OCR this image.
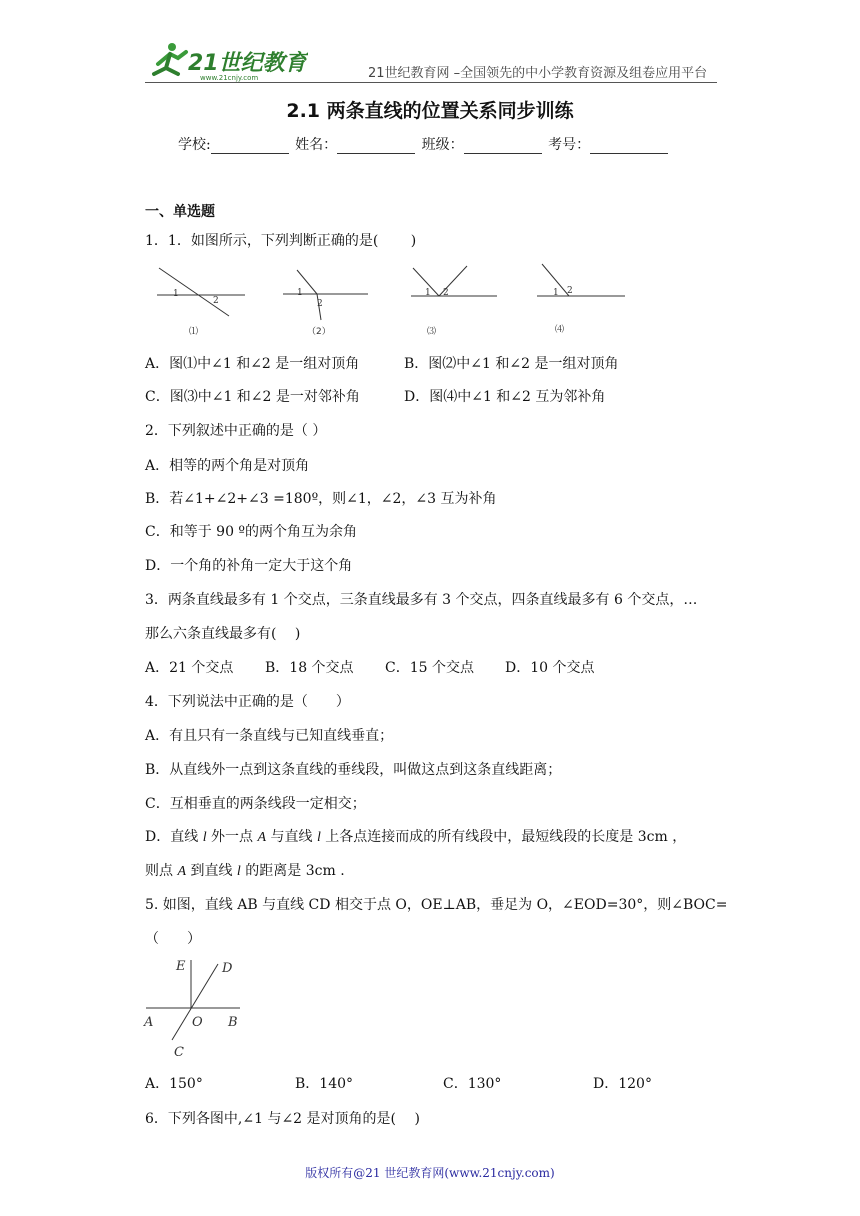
21世纪教育
www.21cnjy.com	21世纪教育网 –全国领先的中小学教育资源及组卷应用平台
2.1 两条直线的位置关系同步训练
学校:	姓名：	班级：	考号：
一、单选题
1．1．如图所示，下列判断正确的是(　　 )
1
2
⑴
1
2
（2）
1 2
⑶
1 2
⑷
A．图⑴中∠1 和∠2 是一组对顶角	B．图⑵中∠1 和∠2 是一组对顶角
C．图⑶中∠1 和∠2 是一对邻补角	D．图⑷中∠1 和∠2 互为邻补角
2．下列叙述中正确的是（ ）
A．相等的两个角是对顶角
B．若∠1+∠2+∠3 =180º，则∠1，∠2，∠3 互为补角
C．和等于 90 º的两个角互为余角
D．一个角的补角一定大于这个角
3．两条直线最多有 1 个交点，三条直线最多有 3 个交点，四条直线最多有 6 个交点，…
那么六条直线最多有(　 )
A．21 个交点 B．18 个交点 C．15 个交点 D．10 个交点
4．下列说法中正确的是（　　）
A．有且只有一条直线与已知直线垂直；
B．从直线外一点到这条直线的垂线段，叫做这点到这条直线距离；
C．互相垂直的两条线段一定相交；
D．直线 l 外一点 A 与直线 l 上各点连接而成的所有线段中，最短线段的长度是 3cm ，
则点 A 到直线 l 的距离是 3cm .
5. 如图，直线 AB 与直线 CD 相交于点 O，OE⊥AB，垂足为 O，∠EOD=30°，则∠BOC=
（　　）
E	D
A	O B
C
A．150°	B．140°	C．130°	D．120°
6．下列各图中,∠1 与∠2 是对顶角的是(　 )
版权所有@21 世纪教育网(www.21cnjy.com)
